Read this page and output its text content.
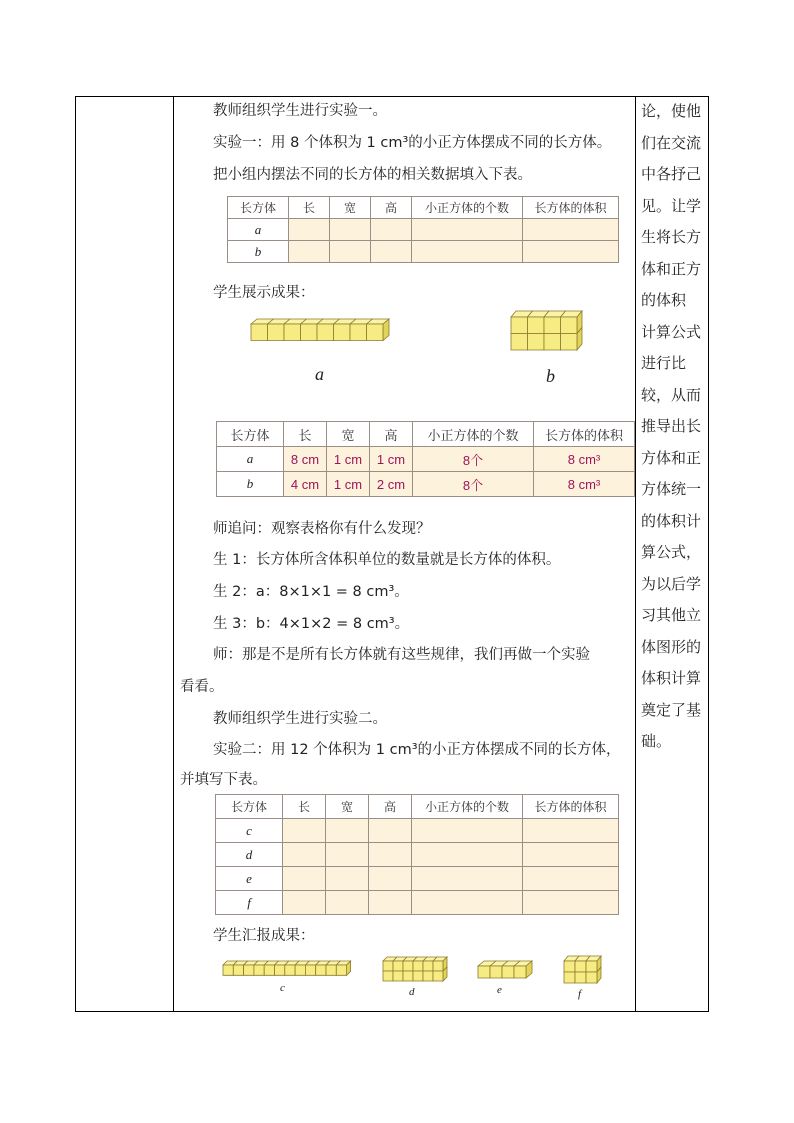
教师组织学生进行实验一。
实验一：用 8 个体积为 1 cm³的小正方体摆成不同的长方体。
把小组内摆法不同的长方体的相关数据填入下表。
长方体	长	宽	高	小正方体的个数	长方体的体积
a					
b					
学生展示成果：
a	b
长方体	长	宽	高	小正方体的个数	长方体的体积
a	8 cm	1 cm	1 cm	8个	8 cm³
b	4 cm	1 cm	2 cm	8个	8 cm³
师追问：观察表格你有什么发现？
生 1：长方体所含体积单位的数量就是长方体的体积。
生 2：a：8×1×1 = 8 cm³。
生 3：b：4×1×2 = 8 cm³。
师：那是不是所有长方体就有这些规律，我们再做一个实验
看看。
教师组织学生进行实验二。
实验二：用 12 个体积为 1 cm³的小正方体摆成不同的长方体，
并填写下表。
长方体	长	宽	高	小正方体的个数	长方体的体积
c					
d					
e					
f					
学生汇报成果：
c	d	e	f
论，使他
们在交流
中各抒己
见。让学
生将长方
体和正方
的体积
计算公式
进行比
较，从而
推导出长
方体和正
方体统一
的体积计
算公式，
为以后学
习其他立
体图形的
体积计算
奠定了基
础。
